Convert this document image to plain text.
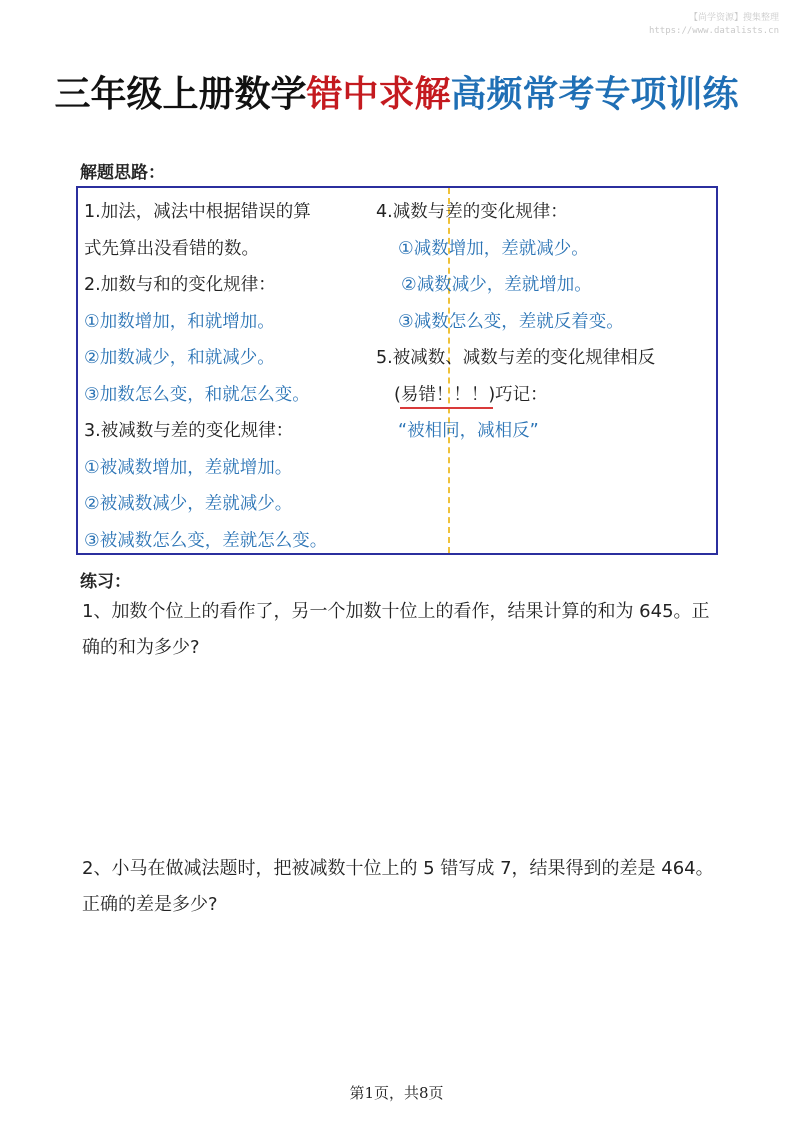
【尚学资源】搜集整理
https://www.datalists.cn
三年级上册数学错中求解高频常考专项训练
解题思路：
1.加法，减法中根据错误的算
式先算出没看错的数。
2.加数与和的变化规律：
①加数增加，和就增加。
②加数减少，和就减少。
③加数怎么变，和就怎么变。
3.被减数与差的变化规律：
①被减数增加，差就增加。
②被减数减少，差就减少。
③被减数怎么变，差就怎么变。
4.减数与差的变化规律：
①减数增加，差就减少。
②减数减少，差就增加。
③减数怎么变，差就反着变。
5.被减数、减数与差的变化规律相反
(易错！！！)巧记：
“被相同，减相反”
练习：
1、加数个位上的看作了，另一个加数十位上的看作，结果计算的和为 645。正确的和为多少?
2、小马在做减法题时，把被减数十位上的 5 错写成 7，结果得到的差是 464。正确的差是多少?
第1页，共8页
